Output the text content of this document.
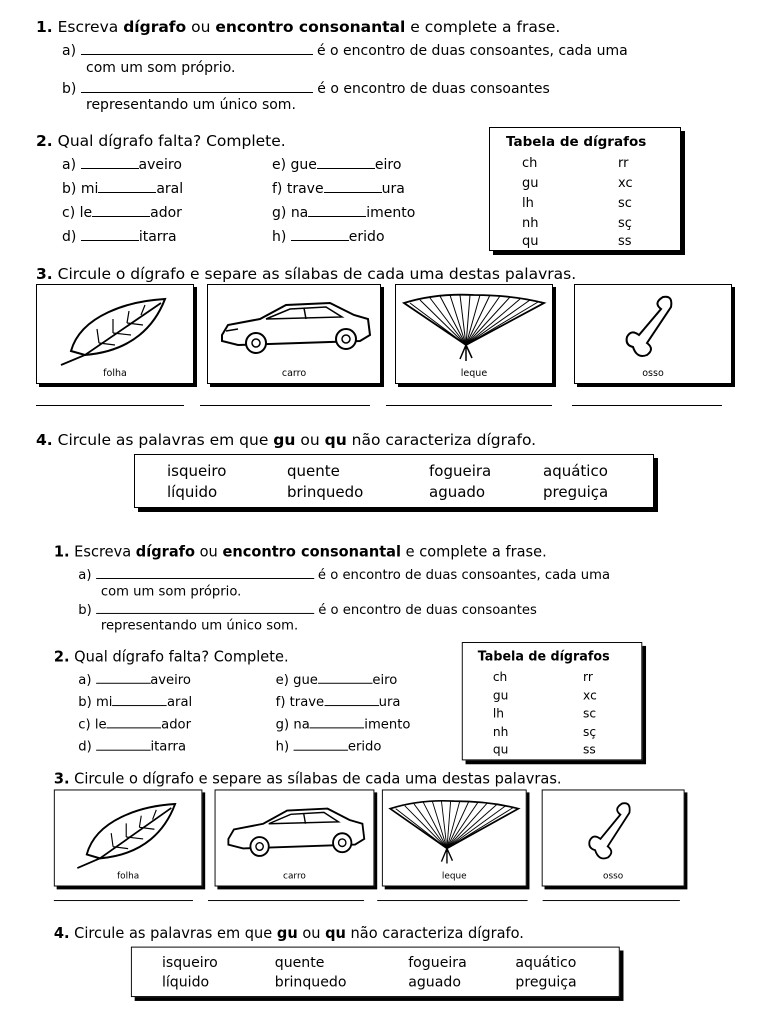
1. Escreva dígrafo ou encontro consonantal e complete a frase.
a)	é o encontro de duas consoantes, cada uma
com um som próprio.
b)	é o encontro de duas consoantes
representando um único som.
2. Qual dígrafo falta? Complete.
a)	aveiro
b) mi	aral
c) le	ador
d)	itarra
e) gue	eiro
f) trave	ura
g) na	imento
h)	erido
Tabela de dígrafos
ch	rr
gu	xc
lh	sc
nh	sç
qu	ss
3. Circule o dígrafo e separe as sílabas de cada uma destas palavras.
folha	carro	leque	osso
4. Circule as palavras em que gu ou qu não caracteriza dígrafo.
isqueiro	quente	fogueira	aquático
líquido	brinquedo	aguado	preguiça
1. Escreva dígrafo ou encontro consonantal e complete a frase.
a)	é o encontro de duas consoantes, cada uma
com um som próprio.
b)	é o encontro de duas consoantes
representando um único som.
2. Qual dígrafo falta? Complete.
a)	aveiro
b) mi	aral
c) le	ador
d)	itarra
e) gue	eiro
f) trave	ura
g) na	imento
h)	erido
Tabela de dígrafos
ch	rr
gu	xc
lh	sc
nh	sç
qu	ss
3. Circule o dígrafo e separe as sílabas de cada uma destas palavras.
folha	carro	leque	osso
4. Circule as palavras em que gu ou qu não caracteriza dígrafo.
isqueiro	quente	fogueira	aquático
líquido	brinquedo	aguado	preguiça
